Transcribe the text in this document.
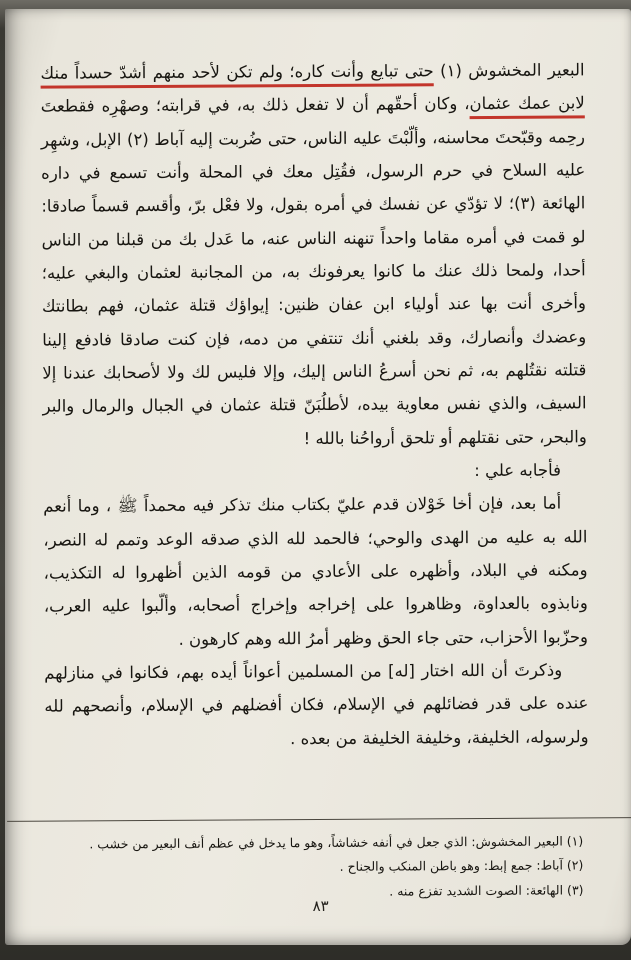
البعير المخشوش (١) حتى تبايع وأنت كاره؛ ولم تكن لأحد منهم أشدّ حسداً منك لابن عمك عثمان، وكان أحقّهم أن لا تفعل ذلك به، في قرابته؛ وصهْرِه فقطعتَ رحِمه وقبّحتَ محاسنه، وألّبْتَ عليه الناس، حتى ضُربت إليه آباط (٢) الإبل، وشهِر عليه السلاح في حرم الرسول، فقُتِل معك في المحلة وأنت تسمع في داره الهائعة (٣)؛ لا تؤدّي عن نفسك في أمره بقول، ولا فعْل برّ، وأقسم قسماً صادقا: لو قمت في أمره مقاما واحداً تنهنه الناس عنه، ما عَدل بك من قبلنا من الناس أحدا، ولمحا ذلك عنك ما كانوا يعرفونك به، من المجانبة لعثمان والبغي عليه؛ وأخرى أنت بها عند أولياء ابن عفان ظنين: إيواؤك قتلة عثمان، فهم بطانتك وعضدك وأنصارك، وقد بلغني أنك تنتفي من دمه، فإن كنت صادقا فادفع إلينا قتلته نقتُلهم به، ثم نحن أسرعُ الناس إليك، وإلا فليس لك ولا لأصحابك عندنا إلا السيف، والذي نفس معاوية بيده، لأطلُبَنّ قتلة عثمان في الجبال والرمال والبر والبحر، حتى نقتلهم أو تلحق أرواحُنا بالله !

فأجابه علي :

أما بعد، فإن أخا خَوْلان قدم عليّ بكتاب منك تذكر فيه محمداً ﷺ ، وما أنعم الله به عليه من الهدى والوحي؛ فالحمد لله الذي صدقه الوعد وتمم له النصر، ومكنه في البلاد، وأظهره على الأعادي من قومه الذين أظهروا له التكذيب، ونابذوه بالعداوة، وظاهروا على إخراجه وإخراج أصحابه، وألّبوا عليه العرب، وحزّبوا الأحزاب، حتى جاء الحق وظهر أمرُ الله وهم كارهون .

وذكرتَ أن الله اختار [له] من المسلمين أعواناً أيده بهم، فكانوا في منازلهم عنده على قدر فضائلهم في الإسلام، فكان أفضلهم في الإسلام، وأنصحهم لله ولرسوله، الخليفة، وخليفة الخليفة من بعده .

(١) البعير المخشوش: الذي جعل في أنفه خشاشاً، وهو ما يدخل في عظم أنف البعير من خشب .
(٢) آباط: جمع إبط: وهو باطن المنكب والجناح .
(٣) الهائعة: الصوت الشديد تفزع منه .
٨٣
